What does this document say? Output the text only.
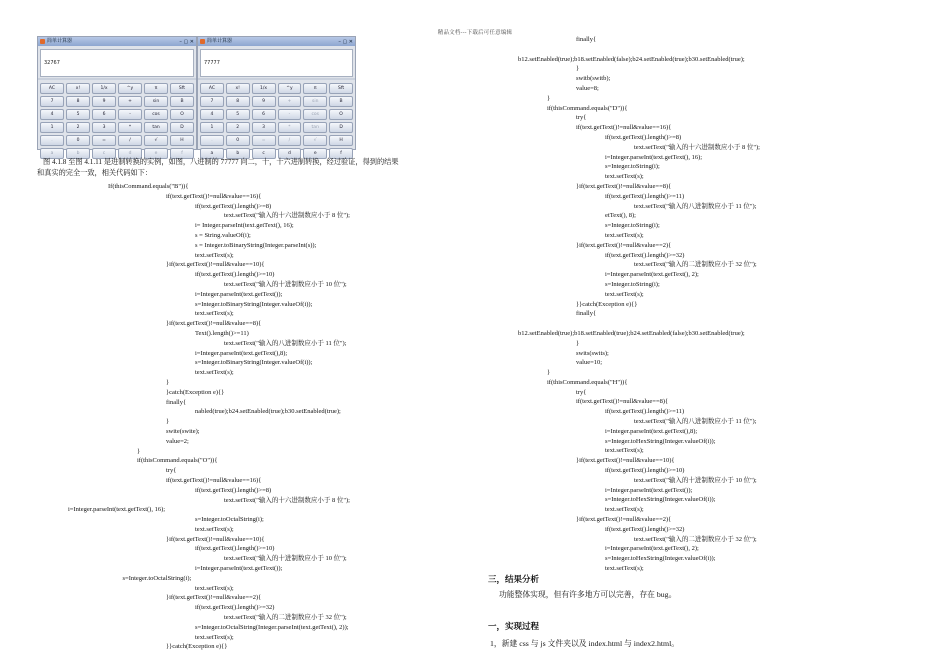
精品文档---下载后可任意编辑
简单计算器	– ▢ ✕
32767
AC	x!	1/x	^y	π	Sft
7	8	9	+	sin	B
4	5	6	-	cos	O
1	2	3	*	tan	D
.	0	=	/	√	H
a	b	c	d	e	f
简单计算器	– ▢ ✕
77777
AC	x!	1/x	^y	π	Sft
7	8	9	+	sin	B
4	5	6	-	cos	O
1	2	3	*	tan	D
.	0	=	/	√	H
a	b	c	d	e	f
图 4.1.8 至图 4.1.11 是进制转换的实例，如图，八进制的 77777 向二，十，十六进制转换，经过验证，得到的结果
和真实的完全一致，相关代码如下：
If(thisCommand.equals("B")){
if(text.getText()!=null&value==16){
if(text.getText().length()>=8)
text.setText("输入的十六进制数应小于 8 位");
i= Integer.parseInt(text.getText(), 16);
s = String.valueOf(i);
s = Integer.toBinaryString(Integer.parseInt(s));
text.setText(s);
}if(text.getText()!=null&value==10){
if(text.getText().length()>=10)
text.setText("输入的十进制数应小于 10 位");
i=Integer.parseInt(text.getText());
s=Integer.toBinaryString(Integer.valueOf(i));
text.setText(s);
}if(text.getText()!=null&value==8){
Text().length()>=11)
text.setText("输入的八进制数应小于 11 位");
i=Integer.parseInt(text.getText(),8);
s=Integer.toBinaryString(Integer.valueOf(i));
text.setText(s);
}
}catch(Exception e){}
finally{
nabled(true);b24.setEnabled(true);b30.setEnabled(true);
}
swite(swite);
value=2;
}
if(thisCommand.equals("O")){
try{
if(text.getText()!=null&value==16){
if(text.getText().length()>=8)
text.setText("输入的十六进制数应小于 8 位");
i=Integer.parseInt(text.getText(), 16);
s=Integer.toOctalString(i);
text.setText(s);
}if(text.getText()!=null&value==10){
if(text.getText().length()>=10)
text.setText("输入的十进制数应小于 10 位");
i=Integer.parseInt(text.getText());
s=Integer.toOctalString(i);
text.setText(s);
}if(text.getText()!=null&value==2){
if(text.getText().length()>=32)
text.setText("输入的二进制数应小于 32 位");
s=Integer.toOctalString(Integer.parseInt(text.getText(), 2));
text.setText(s);
}}catch(Exception e){}
finally{
b12.setEnabled(true);b18.setEnabled(false);b24.setEnabled(true);b30.setEnabled(true);
}
switb(switb);
value=8;
}
if(thisCommand.equals("D")){
try{
if(text.getText()!=null&value==16){
if(text.getText().length()>=8)
text.setText("输入的十六进制数应小于 8 位");
i=Integer.parseInt(text.getText(), 16);
s=Integer.toString(i);
text.setText(s);
}if(text.getText()!=null&value==8){
if(text.getText().length()>=11)
text.setText("输入的八进制数应小于 11 位");
etText(), 8);
s=Integer.toString(i);
text.setText(s);
}if(text.getText()!=null&value==2){
if(text.getText().length()>=32)
text.setText("输入的二进制数应小于 32 位");
i=Integer.parseInt(text.getText(), 2);
s=Integer.toString(i);
text.setText(s);
}}catch(Exception e){}
finally{
b12.setEnabled(true);b18.setEnabled(true);b24.setEnabled(false);b30.setEnabled(true);
}
swits(swits);
value=10;
}
if(thisCommand.equals("H")){
try{
if(text.getText()!=null&value==8){
if(text.getText().length()>=11)
text.setText("输入的八进制数应小于 11 位");
i=Integer.parseInt(text.getText(),8);
s=Integer.toHexString(Integer.valueOf(i));
text.setText(s);
}if(text.getText()!=null&value==10){
if(text.getText().length()>=10)
text.setText("输入的十进制数应小于 10 位");
i=Integer.parseInt(text.getText());
s=Integer.toHexString(Integer.valueOf(i));
text.setText(s);
}if(text.getText()!=null&value==2){
if(text.getText().length()>=32)
text.setText("输入的二进制数应小于 32 位");
i=Integer.parseInt(text.getText(), 2);
s=Integer.toHexString(Integer.valueOf(i));
text.setText(s);
三，结果分析
功能整体实现，但有许多地方可以完善，存在 bug。
一，实现过程
1，新建 css 与 js 文件夹以及 index.html 与 index2.html。
